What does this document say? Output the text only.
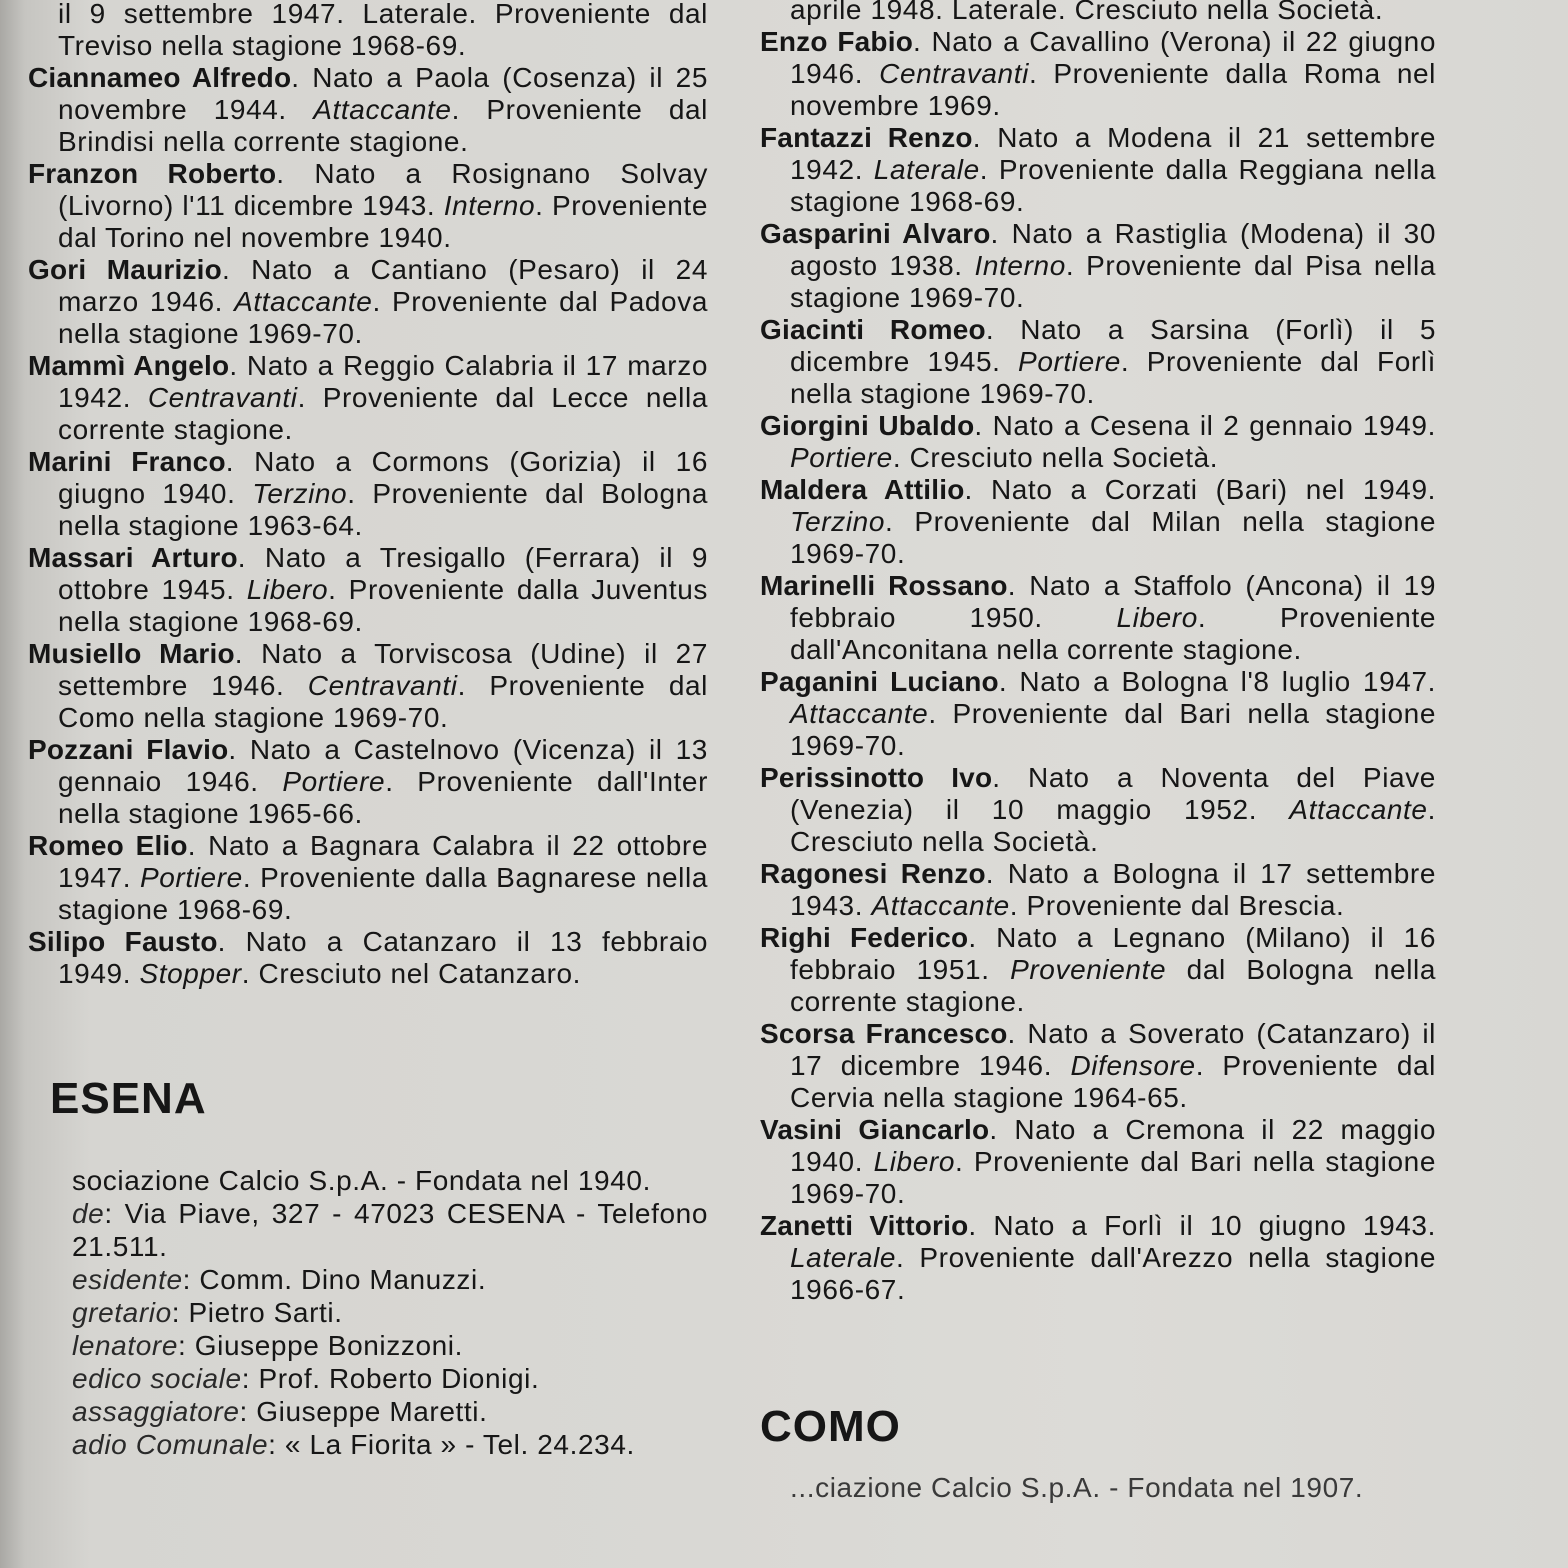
il 9 settembre 1947. Laterale. Proveniente dal Treviso nella stagione 1968-69.

Ciannameo Alfredo. Nato a Paola (Cosenza) il 25 novembre 1944. Attaccante. Proveniente dal Brindisi nella corrente stagione.

Franzon Roberto. Nato a Rosignano Solvay (Livorno) l'11 dicembre 1943. Interno. Proveniente dal Torino nel novembre 1940.

Gori Maurizio. Nato a Cantiano (Pesaro) il 24 marzo 1946. Attaccante. Proveniente dal Padova nella stagione 1969-70.

Mammì Angelo. Nato a Reggio Calabria il 17 marzo 1942. Centravanti. Proveniente dal Lecce nella corrente stagione.

Marini Franco. Nato a Cormons (Gorizia) il 16 giugno 1940. Terzino. Proveniente dal Bologna nella stagione 1963-64.

Massari Arturo. Nato a Tresigallo (Ferrara) il 9 ottobre 1945. Libero. Proveniente dalla Juventus nella stagione 1968-69.

Musiello Mario. Nato a Torviscosa (Udine) il 27 settembre 1946. Centravanti. Proveniente dal Como nella stagione 1969-70.

Pozzani Flavio. Nato a Castelnovo (Vicenza) il 13 gennaio 1946. Portiere. Proveniente dall'Inter nella stagione 1965-66.

Romeo Elio. Nato a Bagnara Calabra il 22 ottobre 1947. Portiere. Proveniente dalla Bagnarese nella stagione 1968-69.

Silipo Fausto. Nato a Catanzaro il 13 febbraio 1949. Stopper. Cresciuto nel Catanzaro.

ESENA

sociazione Calcio S.p.A. - Fondata nel 1940.

de: Via Piave, 327 - 47023 CESENA - Telefono 21.511.

esidente: Comm. Dino Manuzzi.

gretario: Pietro Sarti.

lenatore: Giuseppe Bonizzoni.

edico sociale: Prof. Roberto Dionigi.

assaggiatore: Giuseppe Maretti.

adio Comunale: « La Fiorita » - Tel. 24.234.

aprile 1948. Laterale. Cresciuto nella Società.

Enzo Fabio. Nato a Cavallino (Verona) il 22 giugno 1946. Centravanti. Proveniente dalla Roma nel novembre 1969.

Fantazzi Renzo. Nato a Modena il 21 settembre 1942. Laterale. Proveniente dalla Reggiana nella stagione 1968-69.

Gasparini Alvaro. Nato a Rastiglia (Modena) il 30 agosto 1938. Interno. Proveniente dal Pisa nella stagione 1969-70.

Giacinti Romeo. Nato a Sarsina (Forlì) il 5 dicembre 1945. Portiere. Proveniente dal Forlì nella stagione 1969-70.

Giorgini Ubaldo. Nato a Cesena il 2 gennaio 1949. Portiere. Cresciuto nella Società.

Maldera Attilio. Nato a Corzati (Bari) nel 1949. Terzino. Proveniente dal Milan nella stagione 1969-70.

Marinelli Rossano. Nato a Staffolo (Ancona) il 19 febbraio 1950. Libero. Proveniente dall'Anconitana nella corrente stagione.

Paganini Luciano. Nato a Bologna l'8 luglio 1947. Attaccante. Proveniente dal Bari nella stagione 1969-70.

Perissinotto Ivo. Nato a Noventa del Piave (Venezia) il 10 maggio 1952. Attaccante. Cresciuto nella Società.

Ragonesi Renzo. Nato a Bologna il 17 settembre 1943. Attaccante. Proveniente dal Brescia.

Righi Federico. Nato a Legnano (Milano) il 16 febbraio 1951. Proveniente dal Bologna nella corrente stagione.

Scorsa Francesco. Nato a Soverato (Catanzaro) il 17 dicembre 1946. Difensore. Proveniente dal Cervia nella stagione 1964-65.

Vasini Giancarlo. Nato a Cremona il 22 maggio 1940. Libero. Proveniente dal Bari nella stagione 1969-70.

Zanetti Vittorio. Nato a Forlì il 10 giugno 1943. Laterale. Proveniente dall'Arezzo nella stagione 1966-67.

COMO
...ciazione Calcio S.p.A. - Fondata nel 1907.
